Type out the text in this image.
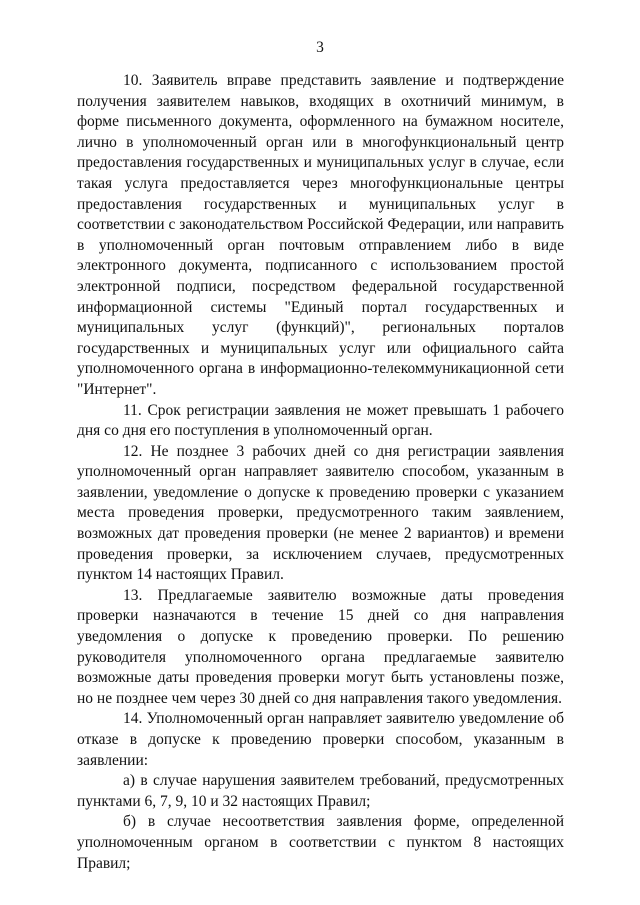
3

10. Заявитель вправе представить заявление и подтверждение получения заявителем навыков, входящих в охотничий минимум, в форме письменного документа, оформленного на бумажном носителе, лично в уполномоченный орган или в многофункциональный центр предоставления государственных и муниципальных услуг в случае, если такая услуга предоставляется через многофункциональные центры предоставления государственных и муниципальных услуг в соответствии с законодательством Российской Федерации, или направить в уполномоченный орган почтовым отправлением либо в виде электронного документа, подписанного с использованием простой электронной подписи, посредством федеральной государственной информационной системы "Единый портал государственных и муниципальных услуг (функций)", региональных порталов государственных и муниципальных услуг или официального сайта уполномоченного органа в информационно-телекоммуникационной сети "Интернет".

11. Срок регистрации заявления не может превышать 1 рабочего дня со дня его поступления в уполномоченный орган.

12. Не позднее 3 рабочих дней со дня регистрации заявления уполномоченный орган направляет заявителю способом, указанным в заявлении, уведомление о допуске к проведению проверки с указанием места проведения проверки, предусмотренного таким заявлением, возможных дат проведения проверки (не менее 2 вариантов) и времени проведения проверки, за исключением случаев, предусмотренных пунктом 14 настоящих Правил.

13. Предлагаемые заявителю возможные даты проведения проверки назначаются в течение 15 дней со дня направления уведомления о допуске к проведению проверки. По решению руководителя уполномоченного органа предлагаемые заявителю возможные даты проведения проверки могут быть установлены позже, но не позднее чем через 30 дней со дня направления такого уведомления.

14. Уполномоченный орган направляет заявителю уведомление об отказе в допуске к проведению проверки способом, указанным в заявлении:

а) в случае нарушения заявителем требований, предусмотренных пунктами 6, 7, 9, 10 и 32 настоящих Правил;

б) в случае несоответствия заявления форме, определенной уполномоченным органом в соответствии с пунктом 8 настоящих Правил;
